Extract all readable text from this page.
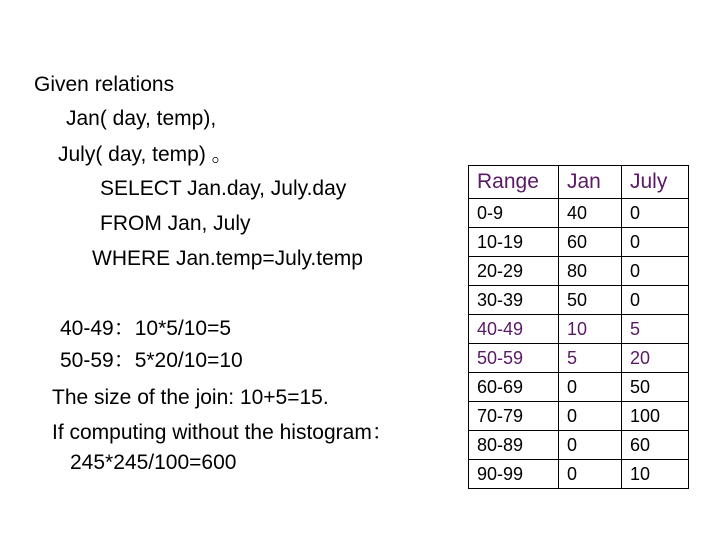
Given relations
Jan( day, temp),
July( day, temp) 。
SELECT Jan.day, July.day
FROM Jan, July
WHERE Jan.temp=July.temp
40-49：10*5/10=5
50-59：5*20/10=10
The size of the join: 10+5=15.
If computing without the histogram：
245*245/100=600
Range	Jan	July
0-9	40	0
10-19	60	0
20-29	80	0
30-39	50	0
40-49	10	5
50-59	5	20
60-69	0	50
70-79	0	100
80-89	0	60
90-99	0	10
